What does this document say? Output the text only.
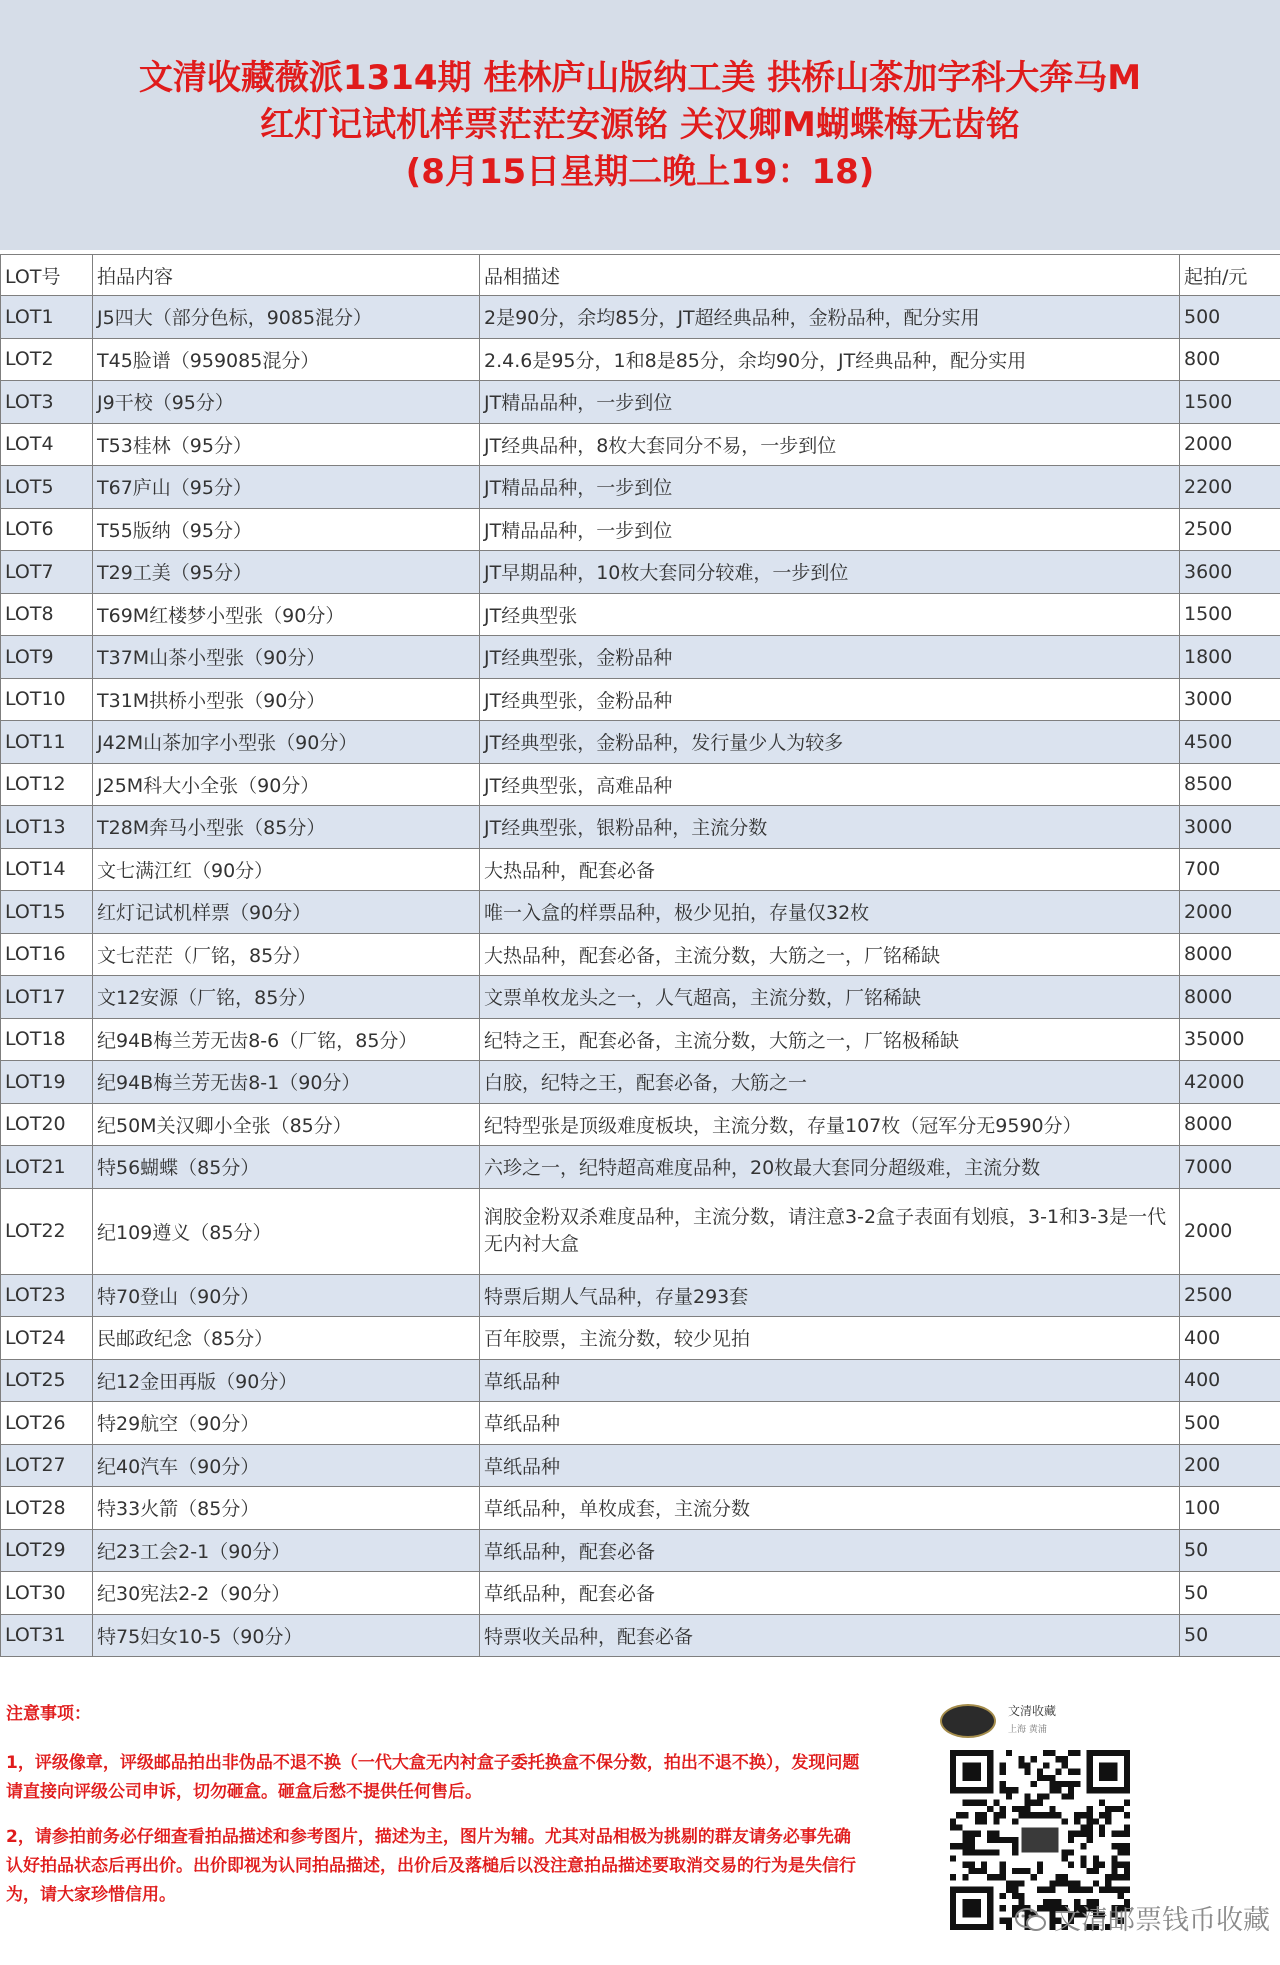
文清收藏薇派1314期 桂林庐山版纳工美 拱桥山茶加字科大奔马M
红灯记试机样票茫茫安源铭 关汉卿M蝴蝶梅无齿铭
(8月15日星期二晚上19：18)
LOT号	拍品内容	品相描述	起拍/元
LOT1	J5四大（部分色标，9085混分）	2是90分，余均85分，JT超经典品种，金粉品种，配分实用	500
LOT2	T45脸谱（959085混分）	2.4.6是95分，1和8是85分，余均90分，JT经典品种，配分实用	800
LOT3	J9干校（95分）	JT精品品种，一步到位	1500
LOT4	T53桂林（95分）	JT经典品种，8枚大套同分不易，一步到位	2000
LOT5	T67庐山（95分）	JT精品品种，一步到位	2200
LOT6	T55版纳（95分）	JT精品品种，一步到位	2500
LOT7	T29工美（95分）	JT早期品种，10枚大套同分较难，一步到位	3600
LOT8	T69M红楼梦小型张（90分）	JT经典型张	1500
LOT9	T37M山茶小型张（90分）	JT经典型张，金粉品种	1800
LOT10	T31M拱桥小型张（90分）	JT经典型张，金粉品种	3000
LOT11	J42M山茶加字小型张（90分）	JT经典型张，金粉品种，发行量少人为较多	4500
LOT12	J25M科大小全张（90分）	JT经典型张，高难品种	8500
LOT13	T28M奔马小型张（85分）	JT经典型张，银粉品种，主流分数	3000
LOT14	文七满江红（90分）	大热品种，配套必备	700
LOT15	红灯记试机样票（90分）	唯一入盒的样票品种，极少见拍，存量仅32枚	2000
LOT16	文七茫茫（厂铭，85分）	大热品种，配套必备，主流分数，大筋之一，厂铭稀缺	8000
LOT17	文12安源（厂铭，85分）	文票单枚龙头之一，人气超高，主流分数，厂铭稀缺	8000
LOT18	纪94B梅兰芳无齿8-6（厂铭，85分）	纪特之王，配套必备，主流分数，大筋之一，厂铭极稀缺	35000
LOT19	纪94B梅兰芳无齿8-1（90分）	白胶，纪特之王，配套必备，大筋之一	42000
LOT20	纪50M关汉卿小全张（85分）	纪特型张是顶级难度板块，主流分数，存量107枚（冠军分无9590分）	8000
LOT21	特56蝴蝶（85分）	六珍之一，纪特超高难度品种，20枚最大套同分超级难，主流分数	7000
LOT22	纪109遵义（85分）	润胶金粉双杀难度品种，主流分数，请注意3-2盒子表面有划痕，3-1和3-3是一代无内衬大盒	2000
LOT23	特70登山（90分）	特票后期人气品种，存量293套	2500
LOT24	民邮政纪念（85分）	百年胶票，主流分数，较少见拍	400
LOT25	纪12金田再版（90分）	草纸品种	400
LOT26	特29航空（90分）	草纸品种	500
LOT27	纪40汽车（90分）	草纸品种	200
LOT28	特33火箭（85分）	草纸品种，单枚成套，主流分数	100
LOT29	纪23工会2-1（90分）	草纸品种，配套必备	50
LOT30	纪30宪法2-2（90分）	草纸品种，配套必备	50
LOT31	特75妇女10-5（90分）	特票收关品种，配套必备	50

注意事项：

1，评级像章，评级邮品拍出非伪品不退不换（一代大盒无内衬盒子委托换盒不保分数，拍出不退不换），发现问题请直接向评级公司申诉，切勿砸盒。砸盒后愁不提供任何售后。

2，请参拍前务必仔细查看拍品描述和参考图片，描述为主，图片为辅。尤其对品相极为挑剔的群友请务必事先确认好拍品状态后再出价。出价即视为认同拍品描述，出价后及落槌后以没注意拍品描述要取消交易的行为是失信行为，请大家珍惜信用。

文清收藏
上海 黄浦
文清邮票钱币收藏
